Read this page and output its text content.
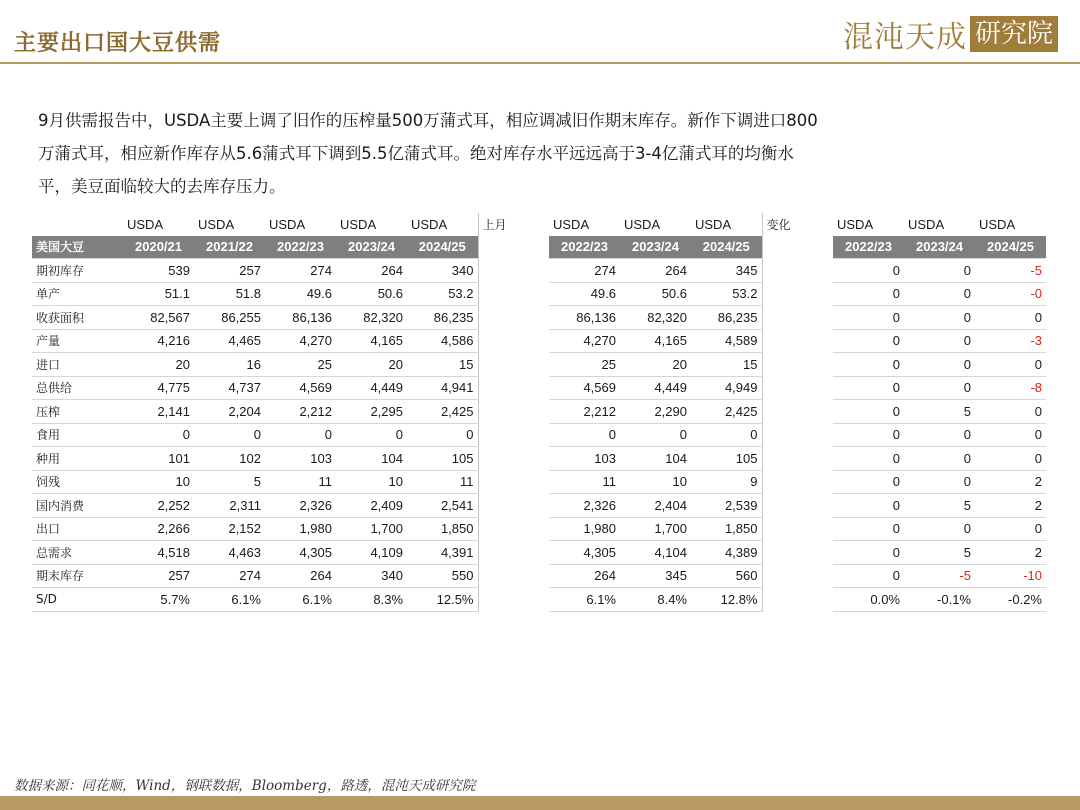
主要出口国大豆供需	混沌天成 研究院

9月供需报告中，USDA主要上调了旧作的压榨量500万蒲式耳，相应调减旧作期末库存。新作下调进口800

万蒲式耳，相应新作库存从5.6蒲式耳下调到5.5亿蒲式耳。绝对库存水平远远高于3-4亿蒲式耳的均衡水

平，美豆面临较大的去库存压力。

	USDA	USDA	USDA	USDA	USDA	上月	USDA	USDA	USDA	变化	USDA	USDA	USDA
美国大豆	2020/21	2021/22	2022/23	2023/24	2024/25		2022/23	2023/24	2024/25		2022/23	2023/24	2024/25
期初库存	539	257	274	264	340		274	264	345		0	0	-5
单产	51.1	51.8	49.6	50.6	53.2		49.6	50.6	53.2		0	0	-0
收获面积	82,567	86,255	86,136	82,320	86,235		86,136	82,320	86,235		0	0	0
产量	4,216	4,465	4,270	4,165	4,586		4,270	4,165	4,589		0	0	-3
进口	20	16	25	20	15		25	20	15		0	0	0
总供给	4,775	4,737	4,569	4,449	4,941		4,569	4,449	4,949		0	0	-8
压榨	2,141	2,204	2,212	2,295	2,425		2,212	2,290	2,425		0	5	0
食用	0	0	0	0	0		0	0	0		0	0	0
种用	101	102	103	104	105		103	104	105		0	0	0
饲残	10	5	11	10	11		11	10	9		0	0	2
国内消费	2,252	2,311	2,326	2,409	2,541		2,326	2,404	2,539		0	5	2
出口	2,266	2,152	1,980	1,700	1,850		1,980	1,700	1,850		0	0	0
总需求	4,518	4,463	4,305	4,109	4,391		4,305	4,104	4,389		0	5	2
期末库存	257	274	264	340	550		264	345	560		0	-5	-10
S/D	5.7%	6.1%	6.1%	8.3%	12.5%		6.1%	8.4%	12.8%		0.0%	-0.1%	-0.2%
数据来源：同花顺，Wind，钢联数据，Bloomberg，路透，混沌天成研究院
